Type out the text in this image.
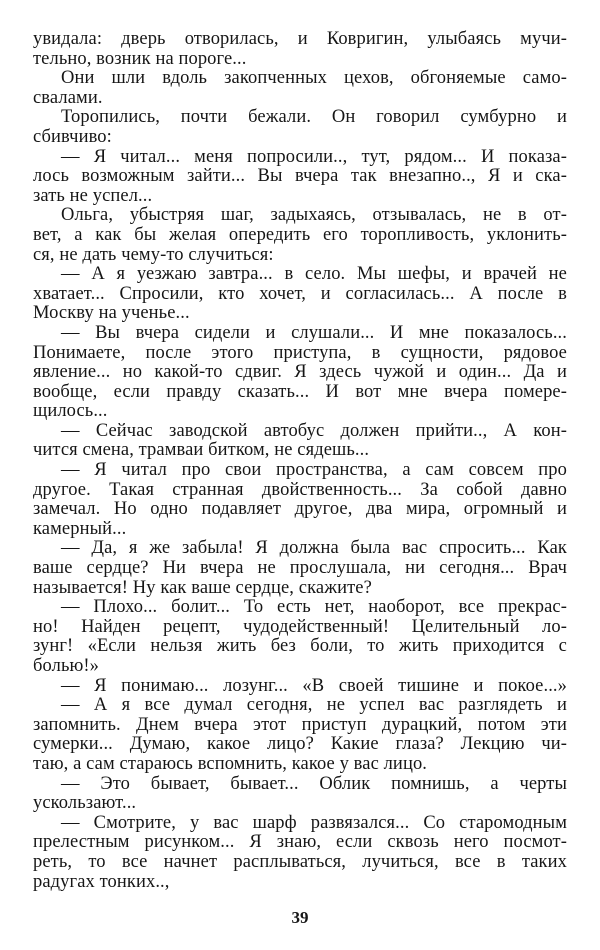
увидала: дверь отворилась, и Ковригин, улыбаясь мучи-
тельно, возник на пороге...
Они шли вдоль закопченных цехов, обгоняемые само-
свалами.
Торопились, почти бежали. Он говорил сумбурно и
сбивчиво:
— Я читал... меня попросили.., тут, рядом... И показа-
лось возможным зайти... Вы вчера так внезапно.., Я и ска-
зать не успел...
Ольга, убыстряя шаг, задыхаясь, отзывалась, не в от-
вет, а как бы желая опередить его торопливость, уклонить-
ся, не дать чему-то случиться:
— А я уезжаю завтра... в село. Мы шефы, и врачей не
хватает... Спросили, кто хочет, и согласилась... А после в
Москву на ученье...
— Вы вчера сидели и слушали... И мне показалось...
Понимаете, после этого приступа, в сущности, рядовое
явление... но какой-то сдвиг. Я здесь чужой и один... Да и
вообще, если правду сказать... И вот мне вчера помере-
щилось...
— Сейчас заводской автобус должен прийти.., А кон-
чится смена, трамваи битком, не сядешь...
— Я читал про свои пространства, а сам совсем про
другое. Такая странная двойственность... За собой давно
замечал. Но одно подавляет другое, два мира, огромный и
камерный...
— Да, я же забыла! Я должна была вас спросить... Как
ваше сердце? Ни вчера не прослушала, ни сегодня... Врач
называется! Ну как ваше сердце, скажите?
— Плохо... болит... То есть нет, наоборот, все прекрас-
но! Найден рецепт, чудодейственный! Целительный ло-
зунг! «Если нельзя жить без боли, то жить приходится с
болью!»
— Я понимаю... лозунг... «В своей тишине и покое...»
— А я все думал сегодня, не успел вас разглядеть и
запомнить. Днем вчера этот приступ дурацкий, потом эти
сумерки... Думаю, какое лицо? Какие глаза? Лекцию чи-
таю, а сам стараюсь вспомнить, какое у вас лицо.
— Это бывает, бывает... Облик помнишь, а черты
ускользают...
— Смотрите, у вас шарф развязался... Со старомодным
прелестным рисунком... Я знаю, если сквозь него посмот-
реть, то все начнет расплываться, лучиться, все в таких
радугах тонких..,
39
